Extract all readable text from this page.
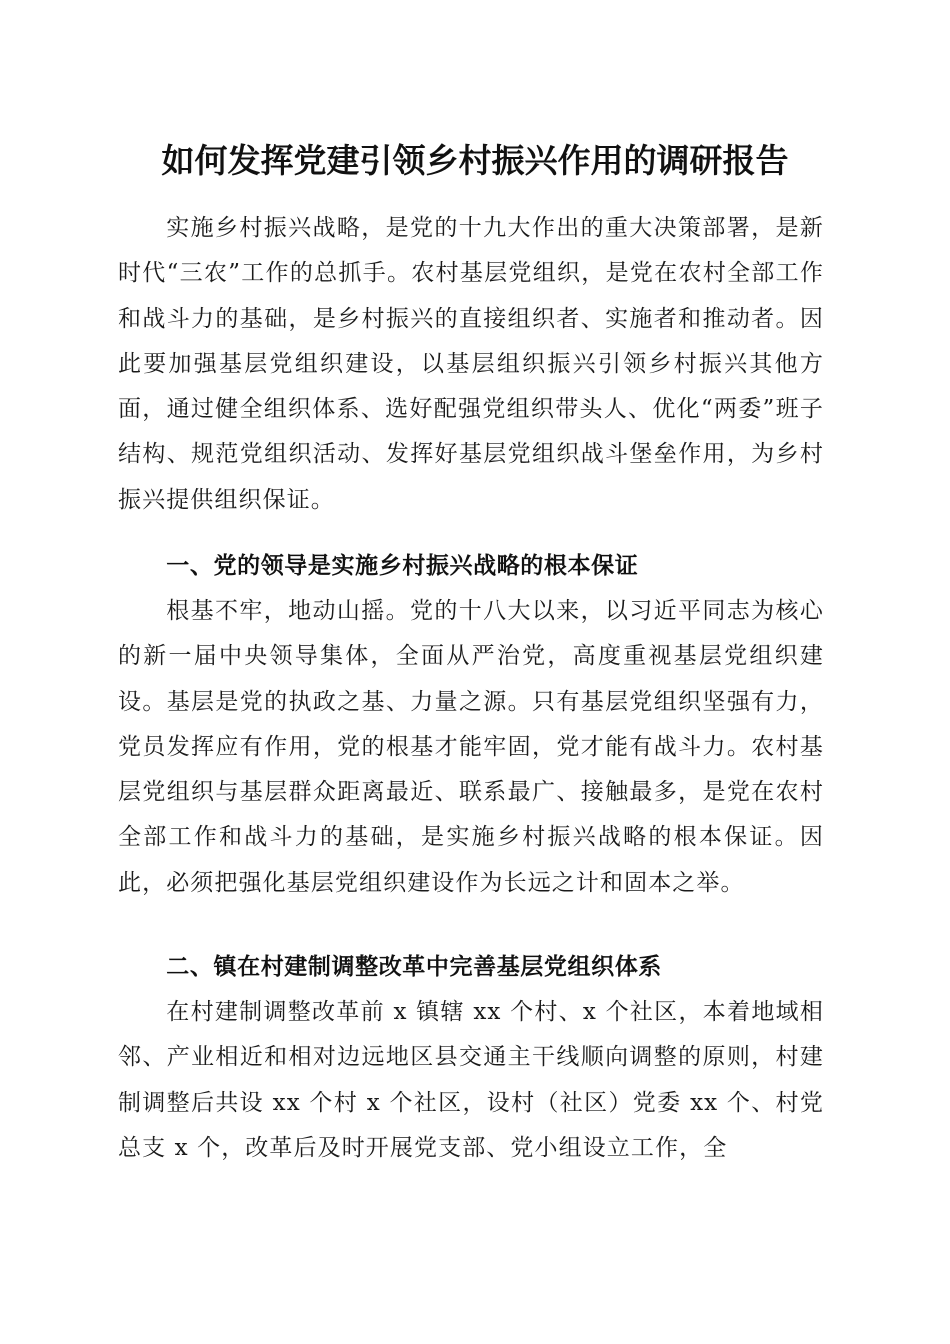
如何发挥党建引领乡村振兴作用的调研报告

实施乡村振兴战略，是党的十九大作出的重大决策部署，是新时代“三农”工作的总抓手。农村基层党组织，是党在农村全部工作和战斗力的基础，是乡村振兴的直接组织者、实施者和推动者。因此要加强基层党组织建设，以基层组织振兴引领乡村振兴其他方面，通过健全组织体系、选好配强党组织带头人、优化“两委”班子结构、规范党组织活动、发挥好基层党组织战斗堡垒作用，为乡村振兴提供组织保证。

一、党的领导是实施乡村振兴战略的根本保证

根基不牢，地动山摇。党的十八大以来，以习近平同志为核心的新一届中央领导集体，全面从严治党，高度重视基层党组织建设。基层是党的执政之基、力量之源。只有基层党组织坚强有力，党员发挥应有作用，党的根基才能牢固，党才能有战斗力。农村基层党组织与基层群众距离最近、联系最广、接触最多，是党在农村全部工作和战斗力的基础，是实施乡村振兴战略的根本保证。因此，必须把强化基层党组织建设作为长远之计和固本之举。

二、镇在村建制调整改革中完善基层党组织体系

在村建制调整改革前 x 镇辖 xx 个村、x 个社区，本着地域相邻、产业相近和相对边远地区县交通主干线顺向调整的原则，村建制调整后共设 xx 个村 x 个社区，设村（社区）党委 xx 个、村党总支 x 个，改革后及时开展党支部、党小组设立工作，全
